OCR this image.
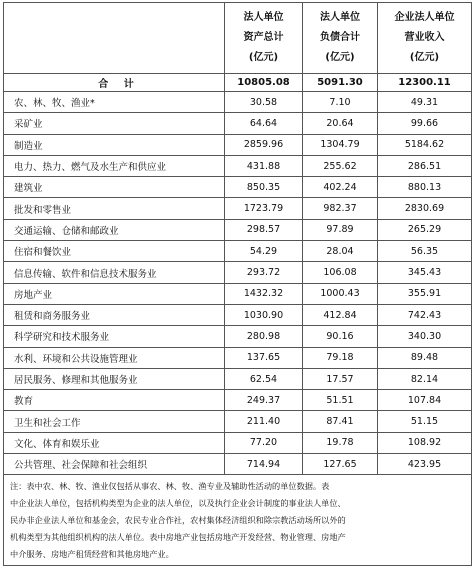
	法人单位
资产总计
(亿元)	法人单位
负债合计
(亿元)	企业法人单位
营业收入
(亿元)
合 计	10805.08	5091.30	12300.11
农、林、牧、渔业*	30.58	7.10	49.31
采矿业	64.64	20.64	99.66
制造业	2859.96	1304.79	5184.62
电力、热力、燃气及水生产和供应业	431.88	255.62	286.51
建筑业	850.35	402.24	880.13
批发和零售业	1723.79	982.37	2830.69
交通运输、仓储和邮政业	298.57	97.89	265.29
住宿和餐饮业	54.29	28.04	56.35
信息传输、软件和信息技术服务业	293.72	106.08	345.43
房地产业	1432.32	1000.43	355.91
租赁和商务服务业	1030.90	412.84	742.43
科学研究和技术服务业	280.98	90.16	340.30
水利、环境和公共设施管理业	137.65	79.18	89.48
居民服务、修理和其他服务业	62.54	17.57	82.14
教育	249.37	51.51	107.84
卫生和社会工作	211.40	87.41	51.15
文化、体育和娱乐业	77.20	19.78	108.92
公共管理、社会保障和社会组织	714.94	127.65	423.95

注：表中农、林、牧、渔业仅包括从事农、林、牧、渔专业及辅助性活动的单位数据。表
中企业法人单位，包括机构类型为企业的法人单位，以及执行企业会计制度的事业法人单位、
民办非企业法人单位和基金会，农民专业合作社，农村集体经济组织和除宗教活动场所以外的
机构类型为其他组织机构的法人单位。表中房地产业包括房地产开发经营、物业管理、房地产
中介服务、房地产租赁经营和其他房地产业。			
